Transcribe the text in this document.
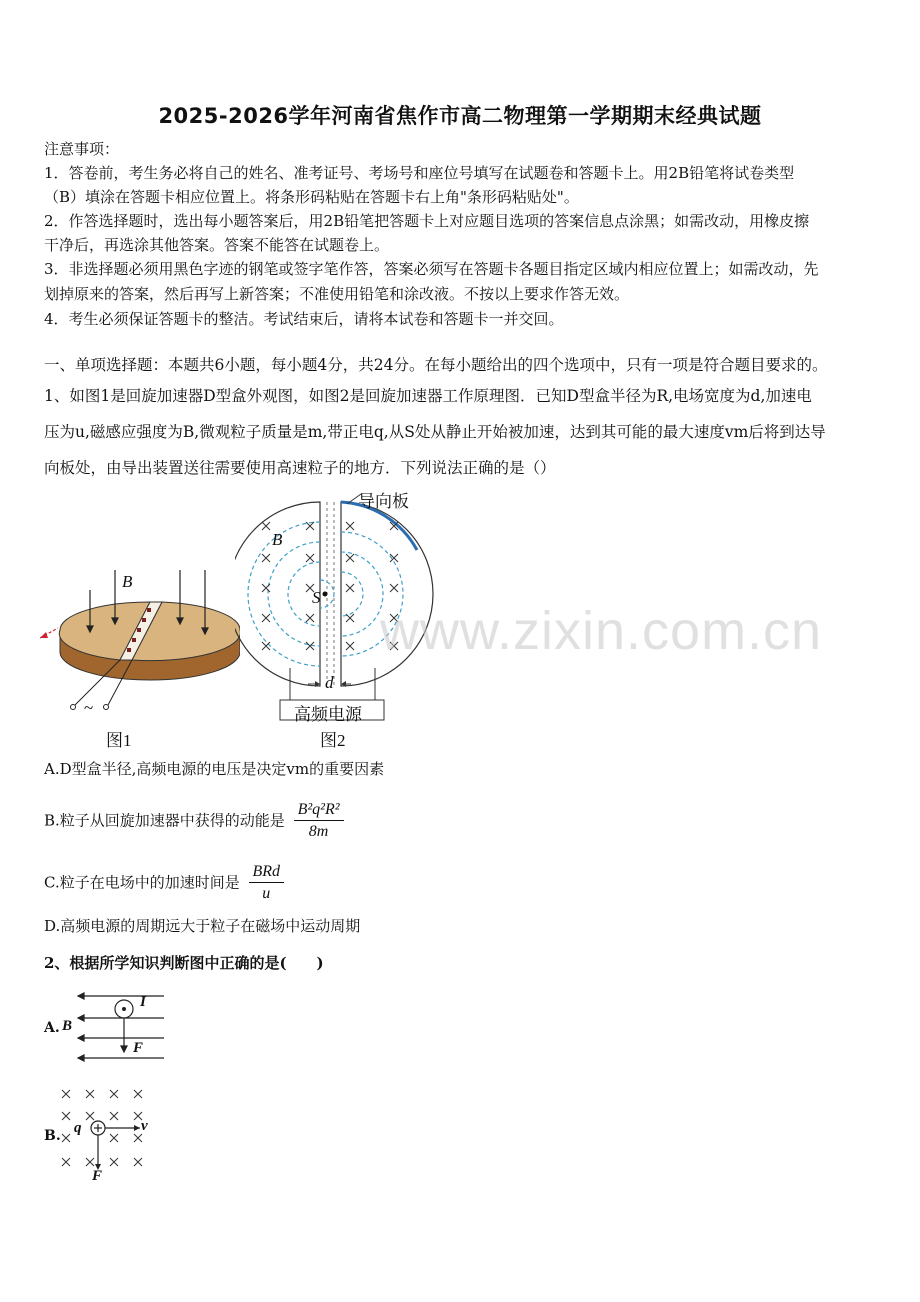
2025-2026学年河南省焦作市高二物理第一学期期末经典试题
注意事项：
1．答卷前，考生务必将自己的姓名、准考证号、考场号和座位号填写在试题卷和答题卡上。用2B铅笔将试卷类型
（B）填涂在答题卡相应位置上。将条形码粘贴在答题卡右上角"条形码粘贴处"。
2．作答选择题时，选出每小题答案后，用2B铅笔把答题卡上对应题目选项的答案信息点涂黑；如需改动，用橡皮擦
干净后，再选涂其他答案。答案不能答在试题卷上。
3．非选择题必须用黑色字迹的钢笔或签字笔作答，答案必须写在答题卡各题目指定区域内相应位置上；如需改动，先
划掉原来的答案，然后再写上新答案；不准使用铅笔和涂改液。不按以上要求作答无效。
4．考生必须保证答题卡的整洁。考试结束后，请将本试卷和答题卡一并交回。
一、单项选择题：本题共6小题，每小题4分，共24分。在每小题给出的四个选项中，只有一项是符合题目要求的。
1、如图1是回旋加速器D型盒外观图，如图2是回旋加速器工作原理图．已知D型盒半径为R,电场宽度为d,加速电
压为u,磁感应强度为B,微观粒子质量是m,带正电q,从S处从静止开始被加速，达到其可能的最大速度vm后将到达导
向板处，由导出装置送往需要使用高速粒子的地方．下列说法正确的是（）
B
~
图1
导向板
B
S
d
高频电源
图2
www.zixin.com.cn
A.D型盒半径,高频电源的电压是决定vm的重要因素
B.粒子从回旋加速器中获得的动能是 $\frac{\text{B²q²R²}}{8m}$
C.粒子在电场中的加速时间是 $\frac{\text{BRd}}{u}$
D.高频电源的周期远大于粒子在磁场中运动周期
2、根据所学知识判断图中正确的是(　　)
A.
I
B
F
B. q	v
F
